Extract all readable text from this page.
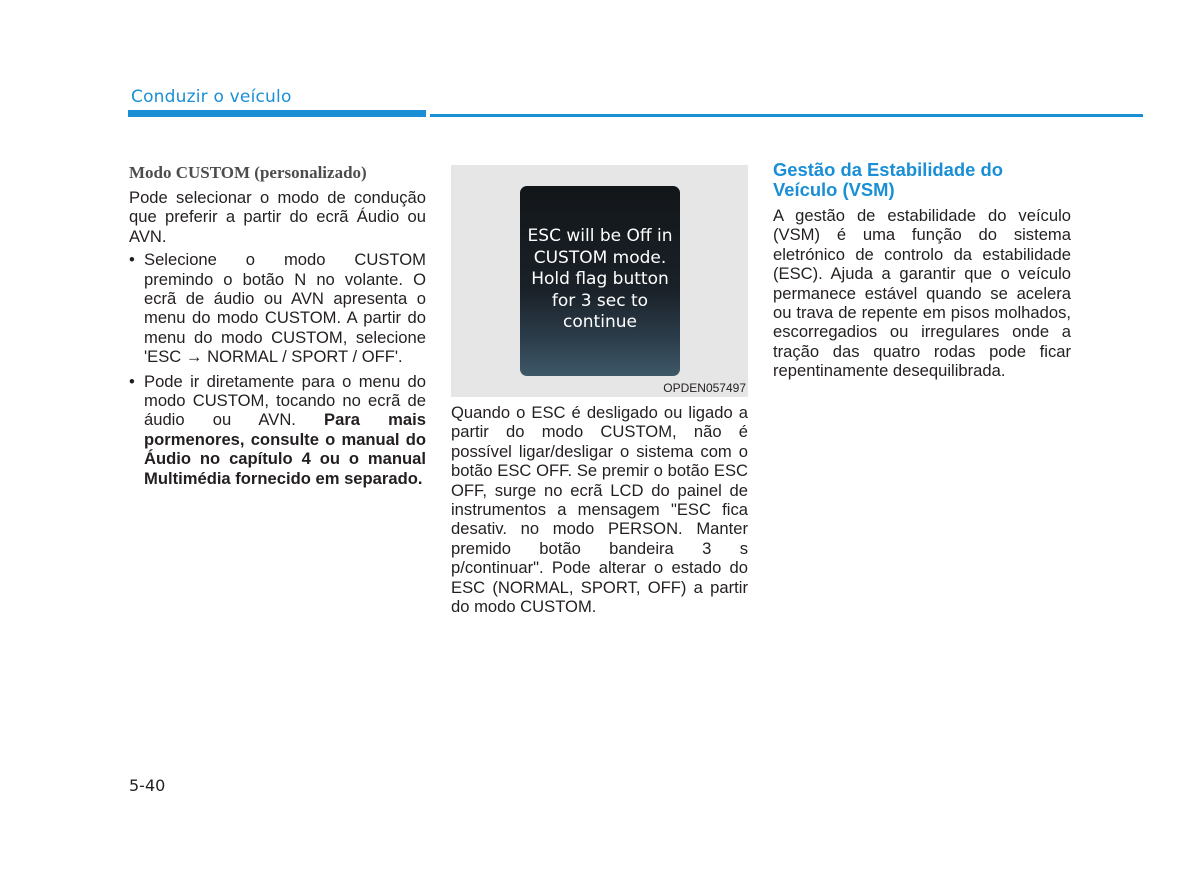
Conduzir o veículo
Modo CUSTOM (personalizado)

Pode selecionar o modo de condução que preferir a partir do ecrã Áudio ou AVN.

• Selecione o modo CUSTOM premindo o botão N no volante. O ecrã de áudio ou AVN apresenta o menu do modo CUSTOM. A partir do menu do modo CUSTOM, selecione 'ESC → NORMAL / SPORT / OFF'.
• Pode ir diretamente para o menu do modo CUSTOM, tocando no ecrã de áudio ou AVN. Para mais pormenores, consulte o manual do Áudio no capítulo 4 ou o manual Multimédia fornecido em separado.
ESC will be Off in
CUSTOM mode.
Hold flag button
for 3 sec to
continue
OPDEN057497

Quando o ESC é desligado ou ligado a partir do modo CUSTOM, não é possível ligar/desligar o sistema com o botão ESC OFF. Se premir o botão ESC OFF, surge no ecrã LCD do painel de instrumentos a mensagem "ESC fica desativ. no modo PERSON. Manter premido botão bandeira 3 s p/continuar". Pode alterar o estado do ESC (NORMAL, SPORT, OFF) a partir do modo CUSTOM.

Gestão da Estabilidade do Veículo (VSM)

A gestão de estabilidade do veículo (VSM) é uma função do sistema eletrónico de controlo da estabilidade (ESC). Ajuda a garantir que o veículo permanece estável quando se acelera ou trava de repente em pisos molhados, escorregadios ou irregulares onde a tração das quatro rodas pode ficar repentinamente desequilibrada.

5-40
